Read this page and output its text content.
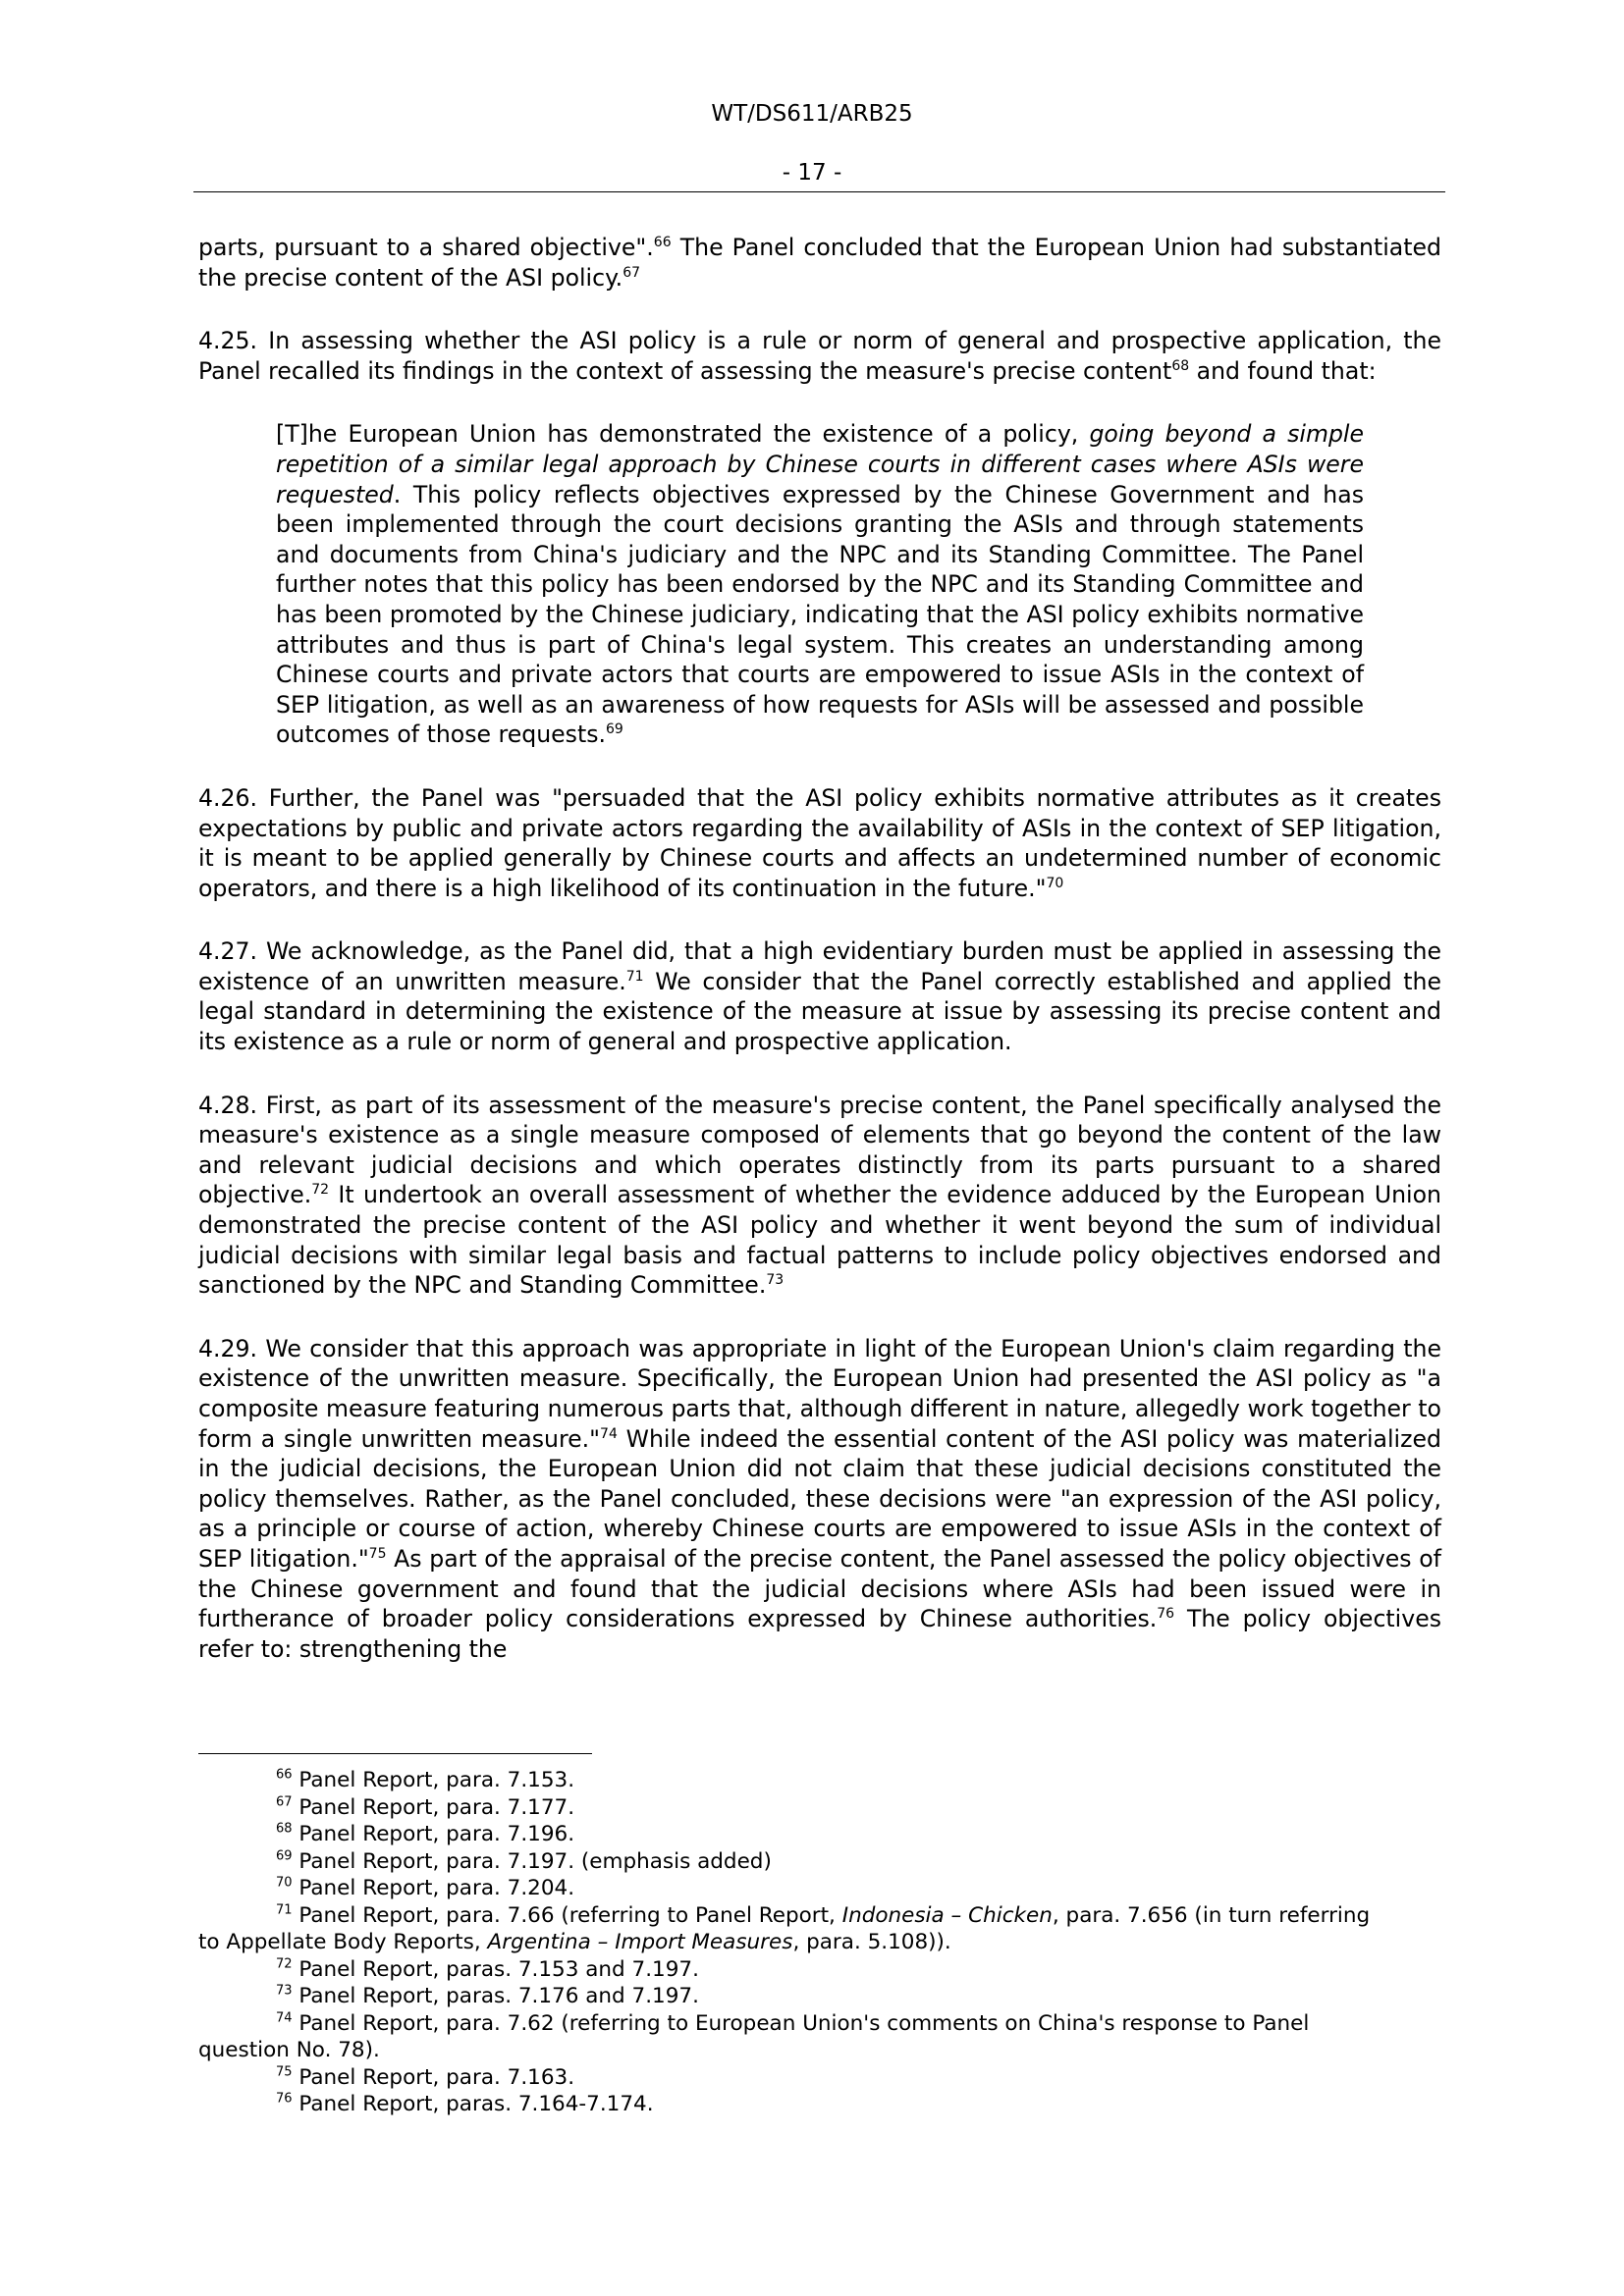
WT/DS611/ARB25
- 17 -

parts, pursuant to a shared objective".$^{66}$ The Panel concluded that the European Union had substantiated the precise content of the ASI policy.$^{67}$

4.25. In assessing whether the ASI policy is a rule or norm of general and prospective application, the Panel recalled its findings in the context of assessing the measure's precise content$^{68}$ and found that:

[T]he European Union has demonstrated the existence of a policy, going beyond a simple repetition of a similar legal approach by Chinese courts in different cases where ASIs were requested. This policy reflects objectives expressed by the Chinese Government and has been implemented through the court decisions granting the ASIs and through statements and documents from China's judiciary and the NPC and its Standing Committee. The Panel further notes that this policy has been endorsed by the NPC and its Standing Committee and has been promoted by the Chinese judiciary, indicating that the ASI policy exhibits normative attributes and thus is part of China's legal system. This creates an understanding among Chinese courts and private actors that courts are empowered to issue ASIs in the context of SEP litigation, as well as an awareness of how requests for ASIs will be assessed and possible outcomes of those requests.$^{69}$

4.26. Further, the Panel was "persuaded that the ASI policy exhibits normative attributes as it creates expectations by public and private actors regarding the availability of ASIs in the context of SEP litigation, it is meant to be applied generally by Chinese courts and affects an undetermined number of economic operators, and there is a high likelihood of its continuation in the future."$^{70}$

4.27. We acknowledge, as the Panel did, that a high evidentiary burden must be applied in assessing the existence of an unwritten measure.$^{71}$ We consider that the Panel correctly established and applied the legal standard in determining the existence of the measure at issue by assessing its precise content and its existence as a rule or norm of general and prospective application.

4.28. First, as part of its assessment of the measure's precise content, the Panel specifically analysed the measure's existence as a single measure composed of elements that go beyond the content of the law and relevant judicial decisions and which operates distinctly from its parts pursuant to a shared objective.$^{72}$ It undertook an overall assessment of whether the evidence adduced by the European Union demonstrated the precise content of the ASI policy and whether it went beyond the sum of individual judicial decisions with similar legal basis and factual patterns to include policy objectives endorsed and sanctioned by the NPC and Standing Committee.$^{73}$

4.29. We consider that this approach was appropriate in light of the European Union's claim regarding the existence of the unwritten measure. Specifically, the European Union had presented the ASI policy as "a composite measure featuring numerous parts that, although different in nature, allegedly work together to form a single unwritten measure."$^{74}$ While indeed the essential content of the ASI policy was materialized in the judicial decisions, the European Union did not claim that these judicial decisions constituted the policy themselves. Rather, as the Panel concluded, these decisions were "an expression of the ASI policy, as a principle or course of action, whereby Chinese courts are empowered to issue ASIs in the context of SEP litigation."$^{75}$ As part of the appraisal of the precise content, the Panel assessed the policy objectives of the Chinese government and found that the judicial decisions where ASIs had been issued were in furtherance of broader policy considerations expressed by Chinese authorities.$^{76}$ The policy objectives refer to: strengthening the

$^{66}$ Panel Report, para. 7.153.

$^{67}$ Panel Report, para. 7.177.

$^{68}$ Panel Report, para. 7.196.

$^{69}$ Panel Report, para. 7.197. (emphasis added)

$^{70}$ Panel Report, para. 7.204.

$^{71}$ Panel Report, para. 7.66 (referring to Panel Report, Indonesia – Chicken, para. 7.656 (in turn referring to Appellate Body Reports, Argentina – Import Measures, para. 5.108)).

$^{72}$ Panel Report, paras. 7.153 and 7.197.

$^{73}$ Panel Report, paras. 7.176 and 7.197.

$^{74}$ Panel Report, para. 7.62 (referring to European Union's comments on China's response to Panel question No. 78).

$^{75}$ Panel Report, para. 7.163.

$^{76}$ Panel Report, paras. 7.164-7.174.
